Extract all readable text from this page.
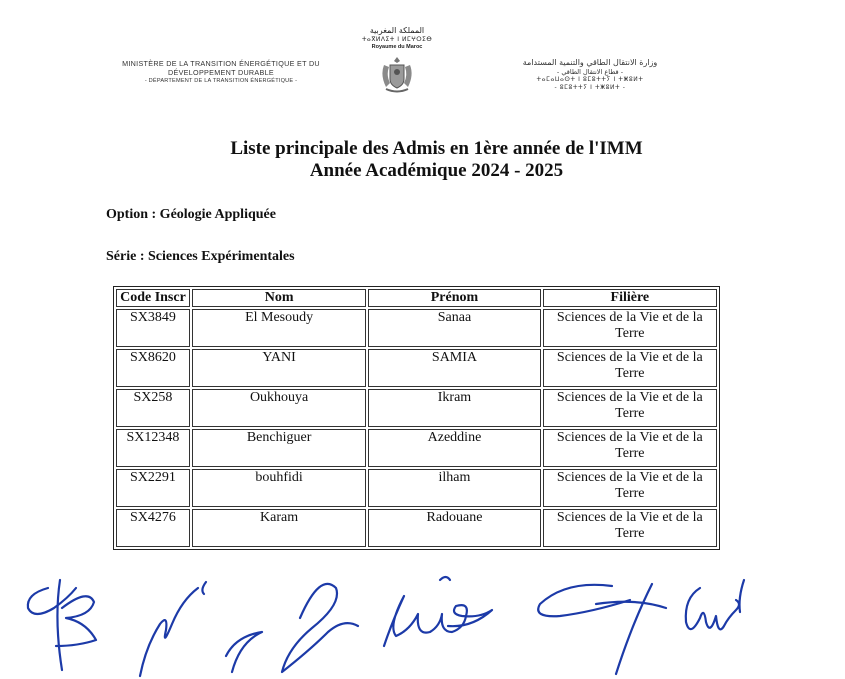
MINISTÈRE DE LA TRANSITION ÉNERGÉTIQUE ET DU
DÉVELOPPEMENT DURABLE
- DÉPARTEMENT DE LA TRANSITION ÉNERGÉTIQUE -
المملكة المغربية
ⵜⴰⴳⵍⴷⵉⵜ ⵏ ⵍⵎⵖⵔⵉⴱ
Royaume du Maroc
وزارة الانتقال الطاقي والتنمية المستدامة
- قطاع الانتقال الطاقي -
ⵜⴰⵎⴰⵡⴰⵙⵜ ⵏ ⵓⵎⵓⵜⵜⵢ ⵏ ⵜⵥⵓⵍⵜ
- ⵓⵎⵓⵜⵜⵢ ⵏ ⵜⵥⵓⵍⵜ -
Liste principale des Admis en 1ère année de l'IMM
Année Académique 2024 - 2025
Option : Géologie Appliquée
Série : Sciences Expérimentales
Code Inscr	Nom	Prénom	Filière
SX3849	El Mesoudy	Sanaa	Sciences de la Vie et de la Terre
SX8620	YANI	SAMIA	Sciences de la Vie et de la Terre
SX258	Oukhouya	Ikram	Sciences de la Vie et de la Terre
SX12348	Benchiguer	Azeddine	Sciences de la Vie et de la Terre
SX2291	bouhfidi	ilham	Sciences de la Vie et de la Terre
SX4276	Karam	Radouane	Sciences de la Vie et de la Terre
